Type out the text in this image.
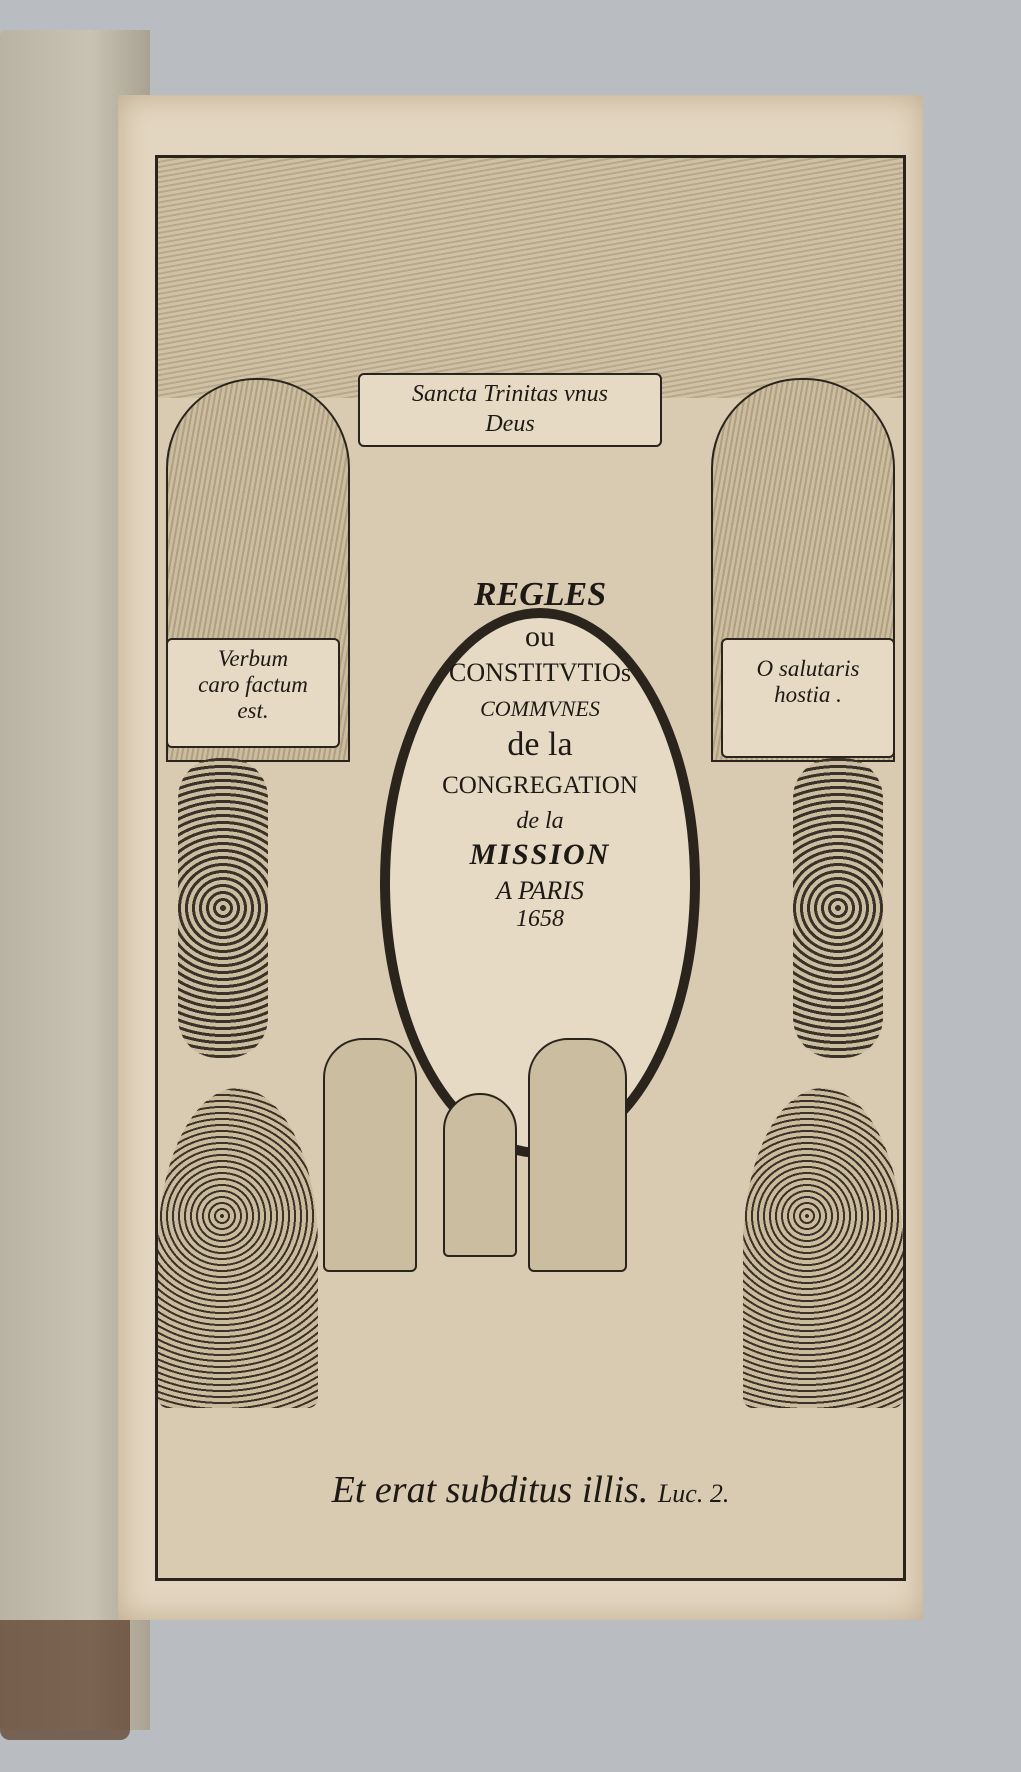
Sancta Trinitas vnus
Deus
Verbum
caro factum
est.
O salutaris
hostia .
REGLES
ou
CONSTITVTIOs
COMMVNES
de la
CONGREGATION
de la
MISSION
A PARIS
1658
Et erat subditus illis. Luc. 2.
